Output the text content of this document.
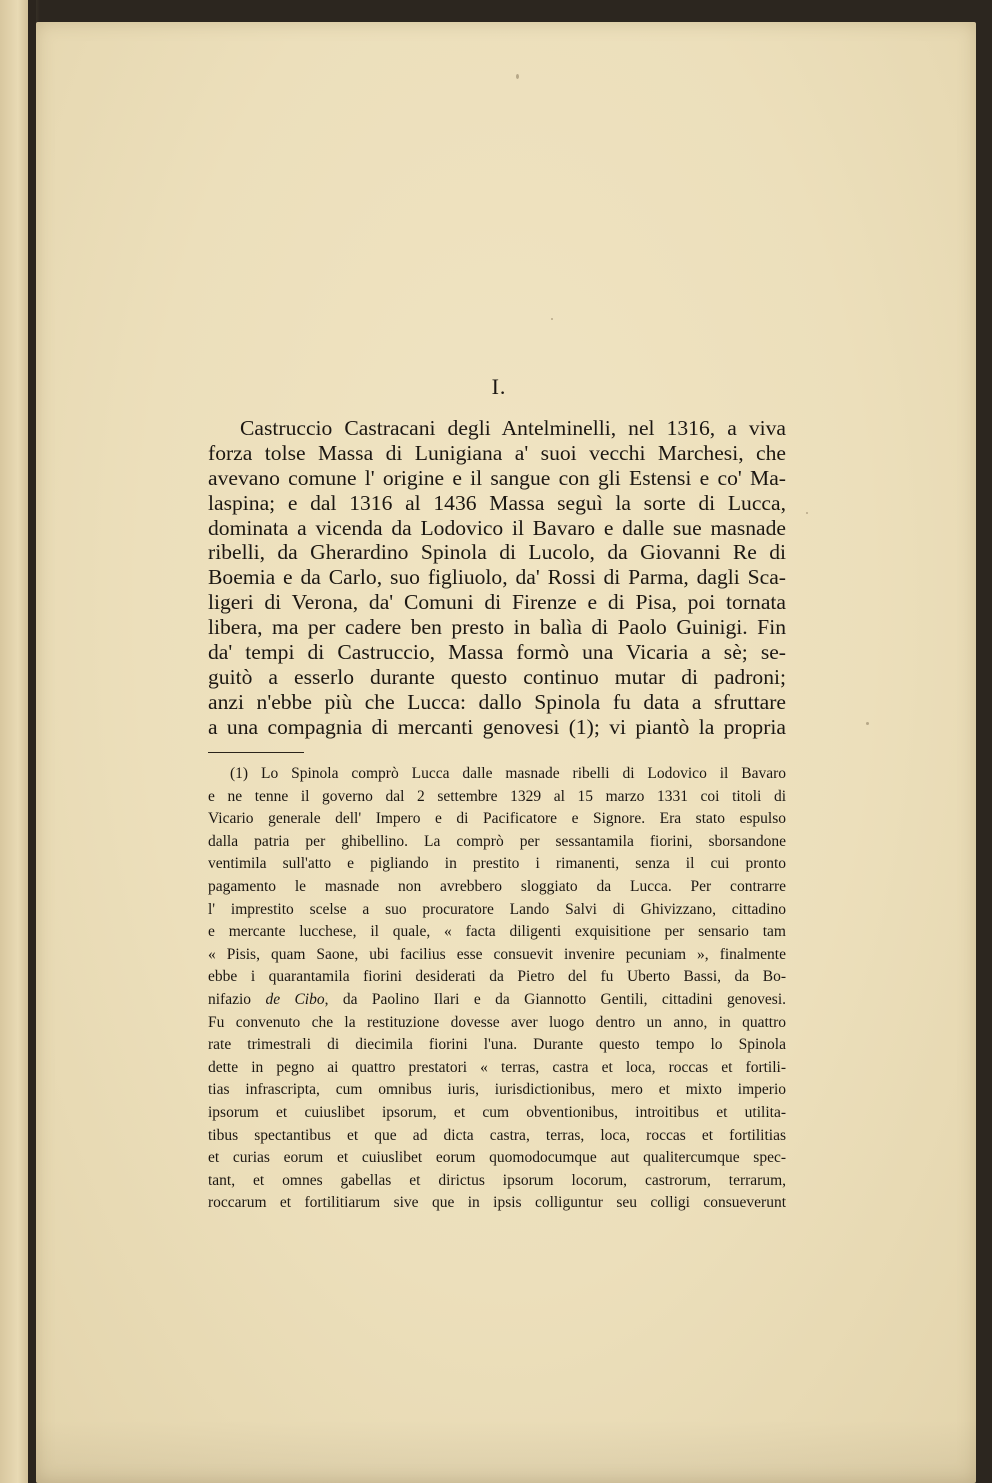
I.
Castruccio Castracani degli Antelminelli, nel 1316, a viva
forza tolse Massa di Lunigiana a' suoi vecchi Marchesi, che
avevano comune l' origine e il sangue con gli Estensi e co' Ma-
laspina; e dal 1316 al 1436 Massa seguì la sorte di Lucca,
dominata a vicenda da Lodovico il Bavaro e dalle sue masnade
ribelli, da Gherardino Spinola di Lucolo, da Giovanni Re di
Boemia e da Carlo, suo figliuolo, da' Rossi di Parma, dagli Sca-
ligeri di Verona, da' Comuni di Firenze e di Pisa, poi tornata
libera, ma per cadere ben presto in balìa di Paolo Guinigi. Fin
da' tempi di Castruccio, Massa formò una Vicaria a sè; se-
guitò a esserlo durante questo continuo mutar di padroni;
anzi n'ebbe più che Lucca: dallo Spinola fu data a sfruttare
a una compagnia di mercanti genovesi (1); vi piantò la propria
(1) Lo Spinola comprò Lucca dalle masnade ribelli di Lodovico il Bavaro
e ne tenne il governo dal 2 settembre 1329 al 15 marzo 1331 coi titoli di
Vicario generale dell' Impero e di Pacificatore e Signore. Era stato espulso
dalla patria per ghibellino. La comprò per sessantamila fiorini, sborsandone
ventimila sull'atto e pigliando in prestito i rimanenti, senza il cui pronto
pagamento le masnade non avrebbero sloggiato da Lucca. Per contrarre
l' imprestito scelse a suo procuratore Lando Salvi di Ghivizzano, cittadino
e mercante lucchese, il quale, « facta diligenti exquisitione per sensario tam
« Pisis, quam Saone, ubi facilius esse consuevit invenire pecuniam », finalmente
ebbe i quarantamila fiorini desiderati da Pietro del fu Uberto Bassi, da Bo-
nifazio de Cibo, da Paolino Ilari e da Giannotto Gentili, cittadini genovesi.
Fu convenuto che la restituzione dovesse aver luogo dentro un anno, in quattro
rate trimestrali di diecimila fiorini l'una. Durante questo tempo lo Spinola
dette in pegno ai quattro prestatori « terras, castra et loca, roccas et fortili-
tias infrascripta, cum omnibus iuris, iurisdictionibus, mero et mixto imperio
ipsorum et cuiuslibet ipsorum, et cum obventionibus, introitibus et utilita-
tibus spectantibus et que ad dicta castra, terras, loca, roccas et fortilitias
et curias eorum et cuiuslibet eorum quomodocumque aut qualitercumque spec-
tant, et omnes gabellas et dirictus ipsorum locorum, castrorum, terrarum,
roccarum et fortilitiarum sive que in ipsis colliguntur seu colligi consueverunt
